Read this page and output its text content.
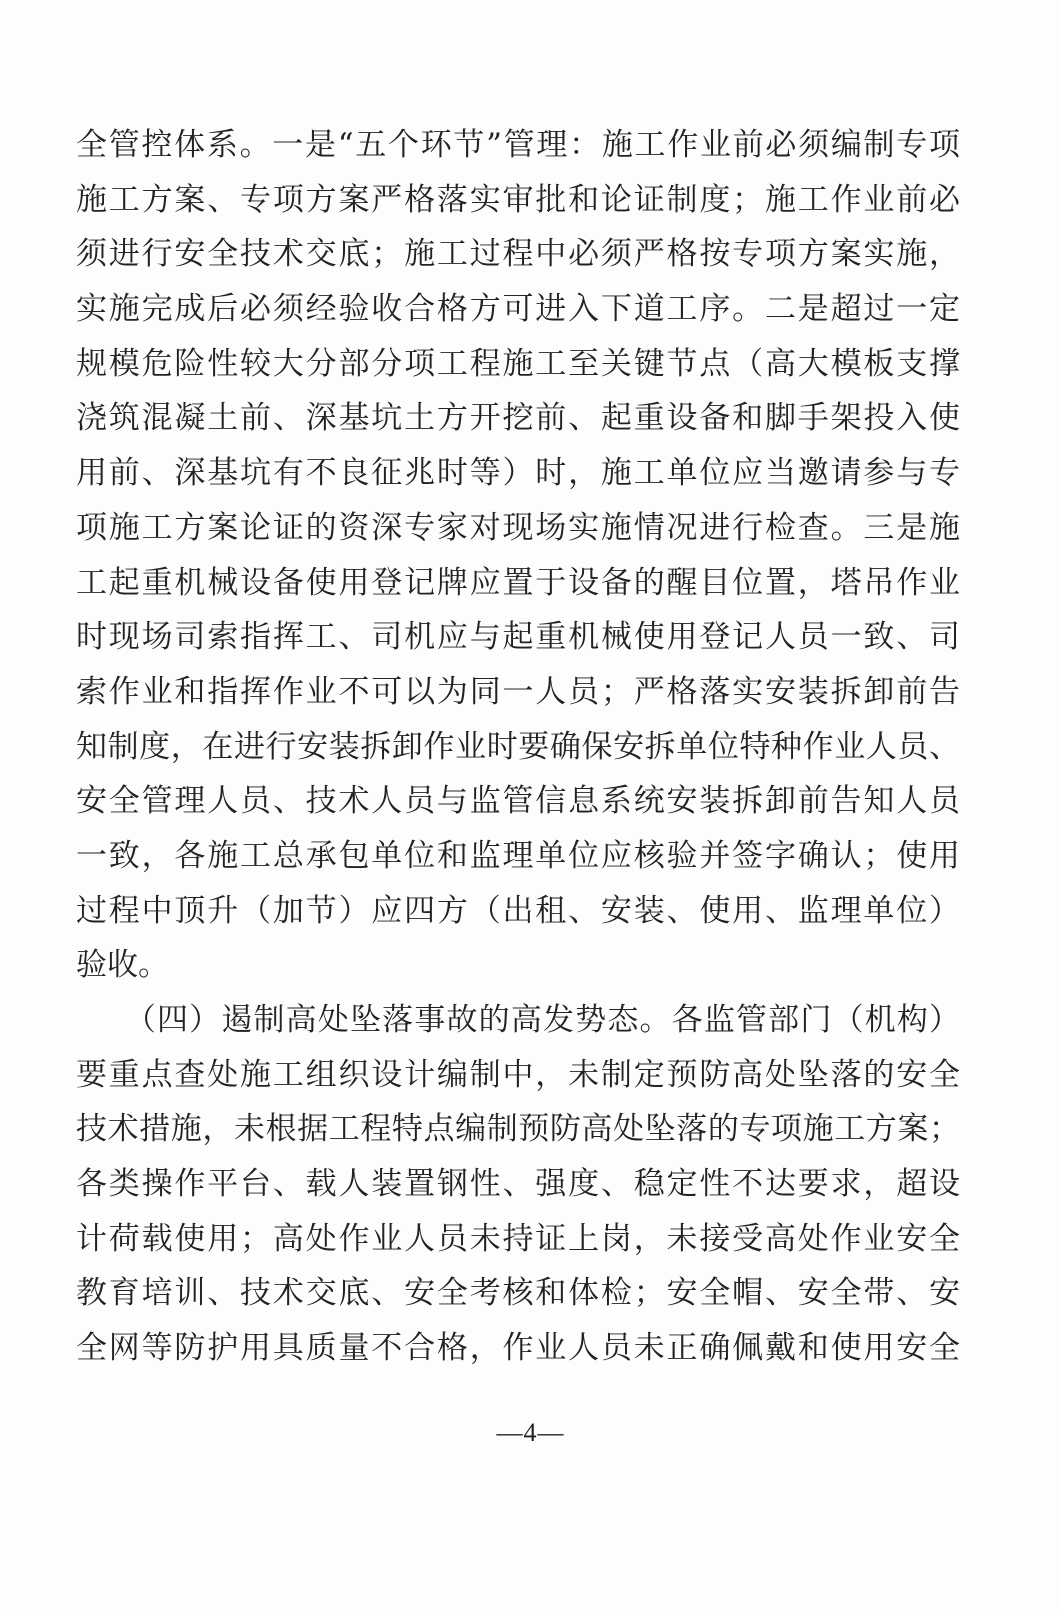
全管控体系。一是“五个环节”管理：施工作业前必须编制专项
施工方案、专项方案严格落实审批和论证制度；施工作业前必
须进行安全技术交底；施工过程中必须严格按专项方案实施，
实施完成后必须经验收合格方可进入下道工序。二是超过一定
规模危险性较大分部分项工程施工至关键节点（高大模板支撑
浇筑混凝土前、深基坑土方开挖前、起重设备和脚手架投入使
用前、深基坑有不良征兆时等）时，施工单位应当邀请参与专
项施工方案论证的资深专家对现场实施情况进行检查。三是施
工起重机械设备使用登记牌应置于设备的醒目位置，塔吊作业
时现场司索指挥工、司机应与起重机械使用登记人员一致、司
索作业和指挥作业不可以为同一人员；严格落实安装拆卸前告
知制度，在进行安装拆卸作业时要确保安拆单位特种作业人员、
安全管理人员、技术人员与监管信息系统安装拆卸前告知人员
一致，各施工总承包单位和监理单位应核验并签字确认；使用
过程中顶升（加节）应四方（出租、安装、使用、监理单位）
验收。
　　（四）遏制高处坠落事故的高发势态。各监管部门（机构）
要重点查处施工组织设计编制中，未制定预防高处坠落的安全
技术措施，未根据工程特点编制预防高处坠落的专项施工方案；
各类操作平台、载人装置钢性、强度、稳定性不达要求，超设
计荷载使用；高处作业人员未持证上岗，未接受高处作业安全
教育培训、技术交底、安全考核和体检；安全帽、安全带、安
全网等防护用具质量不合格，作业人员未正确佩戴和使用安全
—4—
